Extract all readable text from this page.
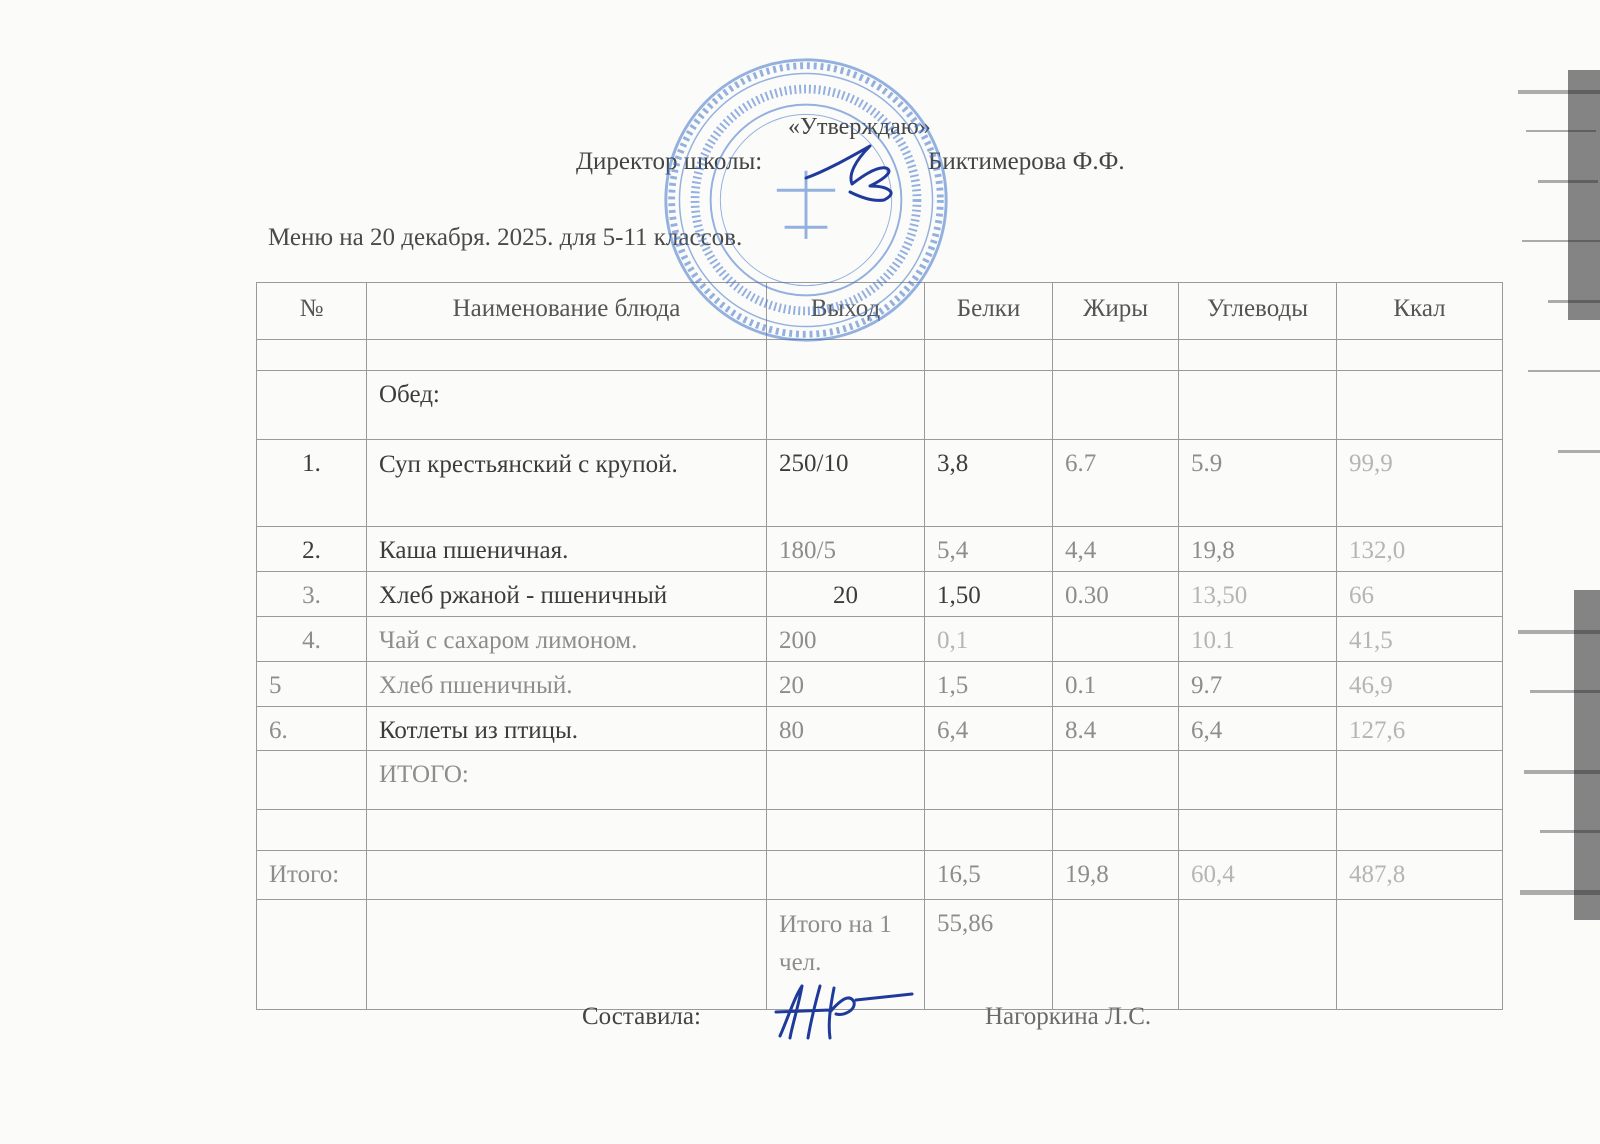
«Утверждаю»
Директор школы:	Биктимерова Ф.Ф.
Меню на 20 декабря. 2025. для 5-11 классов.
№	Наименование блюда	Выход	Белки	Жиры	Углеводы	Ккал

	Обед:					
1.	Суп крестьянский с крупой.	250/10	3,8	6.7	5.9	99,9
2.	Каша пшеничная.	180/5	5,4	4,4	19,8	132,0
3.	Хлеб ржаной - пшеничный	20	1,50	0.30	13,50	66
4.	Чай с сахаром лимоном.	200	0,1		10.1	41,5
5	Хлеб пшеничный.	20	1,5	0.1	9.7	46,9
6.	Котлеты из птицы.	80	6,4	8.4	6,4	127,6
	ИТОГО:					

Итого:			16,5	19,8	60,4	487,8
		Итого на 1 чел.	55,86			
Составила:	Нагоркина Л.С.
